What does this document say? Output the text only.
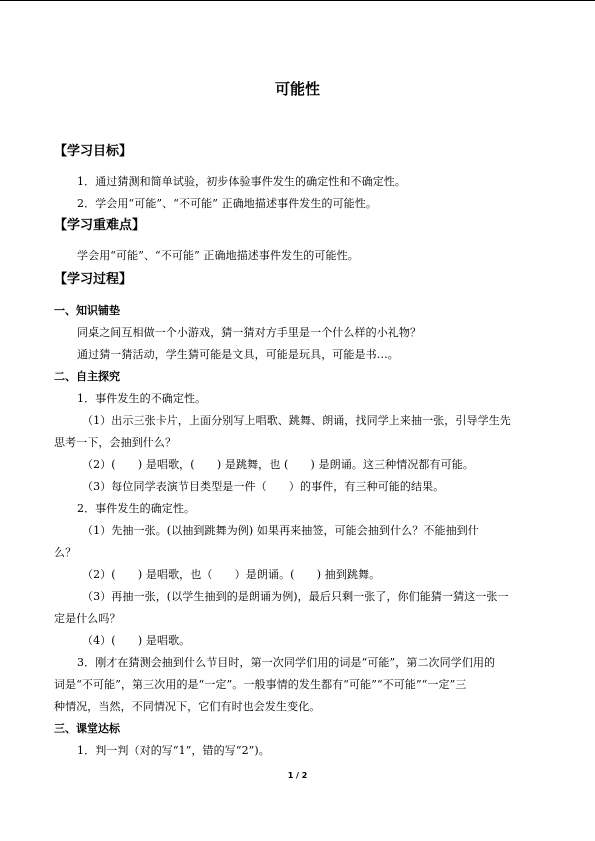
可能性
【学习目标】
1．通过猜测和简单试验，初步体验事件发生的确定性和不确定性。
2．学会用“可能”、“不可能” 正确地描述事件发生的可能性。
【学习重难点】
学会用“可能”、“不可能” 正确地描述事件发生的可能性。
【学习过程】
一、知识铺垫
同桌之间互相做一个小游戏，猜一猜对方手里是一个什么样的小礼物？
通过猜一猜活动，学生猜可能是文具，可能是玩具，可能是书…。
二、自主探究
1．事件发生的不确定性。
（1）出示三张卡片，上面分别写上唱歌、跳舞、朗诵，找同学上来抽一张，引导学生先
思考一下，会抽到什么？
（2）(　　) 是唱歌，(　　) 是跳舞，也 (　　) 是朗诵。这三种情况都有可能。
（3）每位同学表演节目类型是一件（　　）的事件，有三种可能的结果。
2．事件发生的确定性。
（1）先抽一张。(以抽到跳舞为例) 如果再来抽签，可能会抽到什么？不能抽到什
么？
（2）(　　) 是唱歌，也（　　）是朗诵。(　　) 抽到跳舞。
（3）再抽一张，(以学生抽到的是朗诵为例)，最后只剩一张了，你们能猜一猜这一张一
定是什么吗？
（4）(　　) 是唱歌。
3．刚才在猜测会抽到什么节目时，第一次同学们用的词是“可能”，第二次同学们用的
词是“不可能”，第三次用的是“一定”。一般事情的发生都有“可能”“不可能”“一定”三
种情况，当然，不同情况下，它们有时也会发生变化。
三、课堂达标
1．判一判（对的写“1”，错的写“2”)。
1 / 2
